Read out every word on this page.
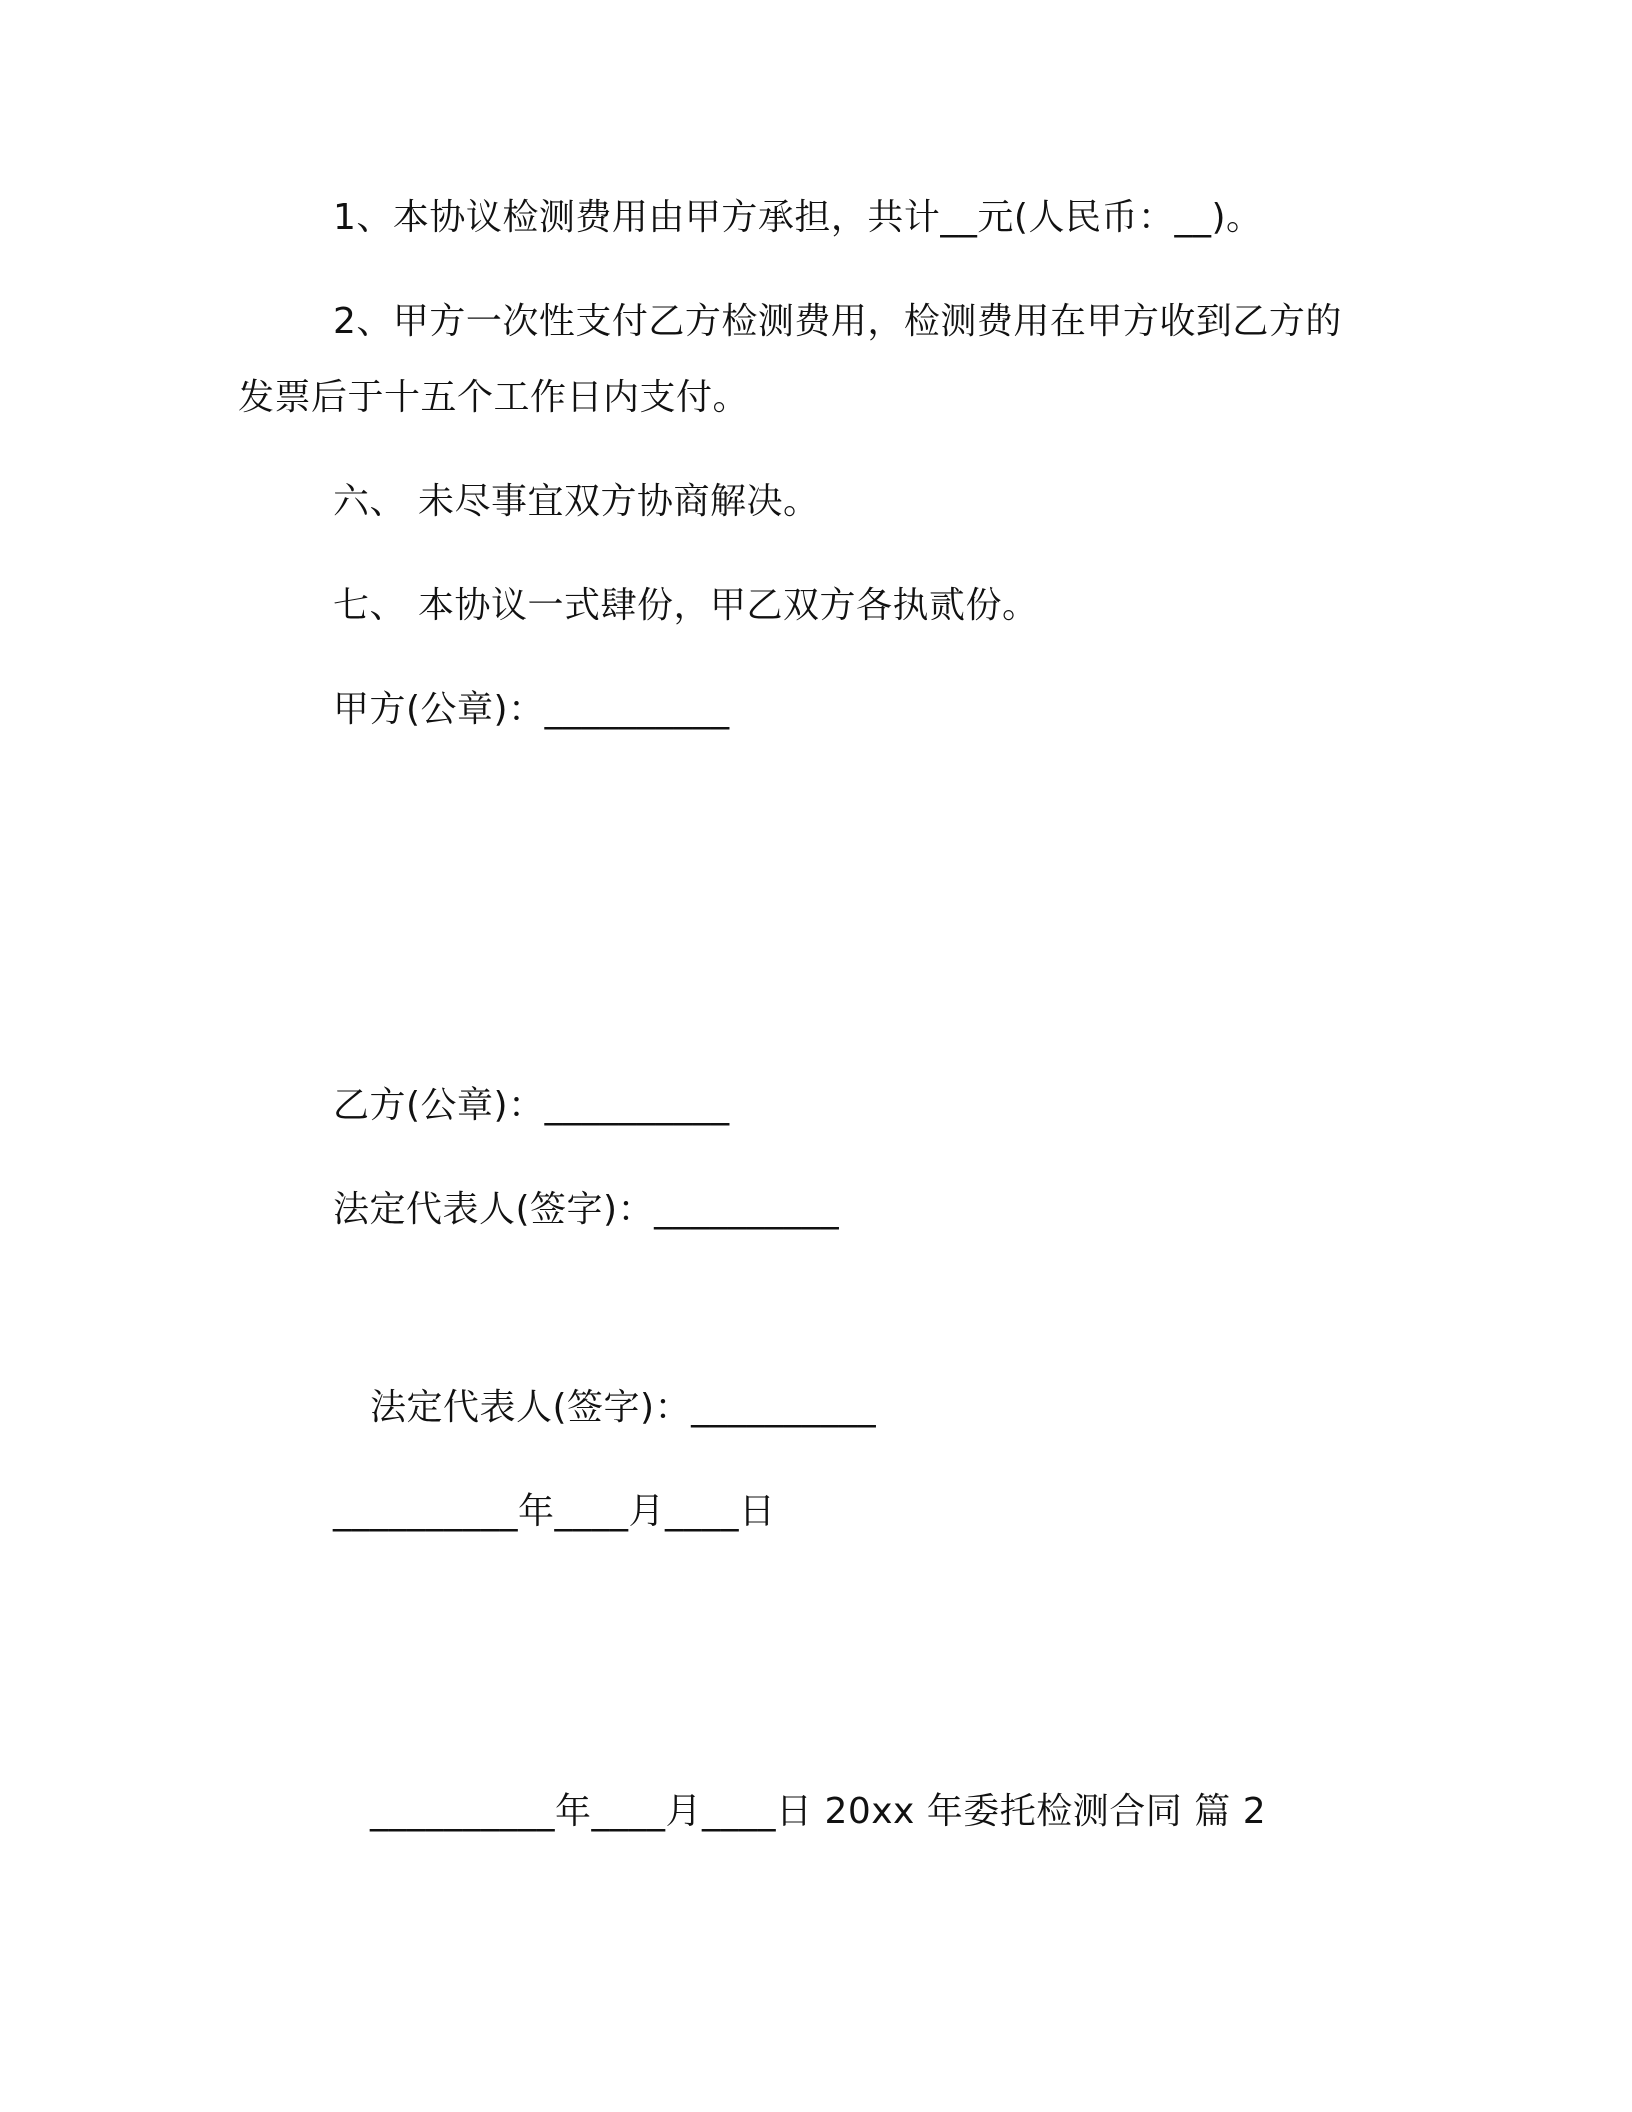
1、本协议检测费用由甲方承担，共计__元(人民币：__)。
2、甲方一次性支付乙方检测费用，检测费用在甲方收到乙方的
发票后于十五个工作日内支付。
六、 未尽事宜双方协商解决。
七、 本协议一式肆份，甲乙双方各执贰份。
甲方(公章)：__________
乙方(公章)：__________
法定代表人(签字)：__________
法定代表人(签字)：__________
__________年____月____日
__________年____月____日 20xx 年委托检测合同 篇 2
